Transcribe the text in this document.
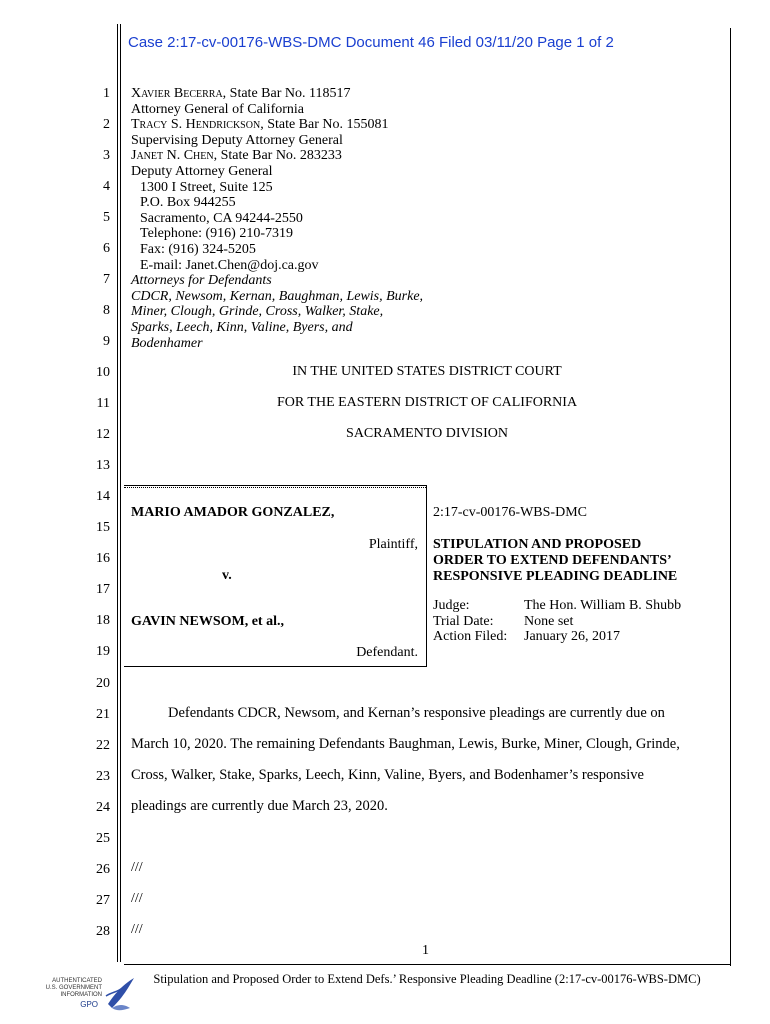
Case 2:17-cv-00176-WBS-DMC Document 46 Filed 03/11/20 Page 1 of 2
1
2
3
4
5
6
7
8
9
10
11
12
13
14
15
16
17
18
19
20
21
22
23
24
25
26
27
28
Xavier Becerra, State Bar No. 118517
Attorney General of California
Tracy S. Hendrickson, State Bar No. 155081
Supervising Deputy Attorney General
Janet N. Chen, State Bar No. 283233
Deputy Attorney General
1300 I Street, Suite 125
P.O. Box 944255
Sacramento, CA 94244-2550
Telephone: (916) 210-7319
Fax: (916) 324-5205
E-mail: Janet.Chen@doj.ca.gov
Attorneys for Defendants
CDCR, Newsom, Kernan, Baughman, Lewis, Burke,
Miner, Clough, Grinde, Cross, Walker, Stake,
Sparks, Leech, Kinn, Valine, Byers, and
Bodenhamer
IN THE UNITED STATES DISTRICT COURT
FOR THE EASTERN DISTRICT OF CALIFORNIA
SACRAMENTO DIVISION
MARIO AMADOR GONZALEZ,
Plaintiff,
v.
GAVIN NEWSOM, et al.,
Defendant.
2:17-cv-00176-WBS-DMC
STIPULATION AND PROPOSED
ORDER TO EXTEND DEFENDANTS’
RESPONSIVE PLEADING DEADLINE
Judge:	The Hon. William B. Shubb
Trial Date: None set
Action Filed: January 26, 2017
Defendants CDCR, Newsom, and Kernan’s responsive pleadings are currently due on
March 10, 2020. The remaining Defendants Baughman, Lewis, Burke, Miner, Clough, Grinde,
Cross, Walker, Stake, Sparks, Leech, Kinn, Valine, Byers, and Bodenhamer’s responsive
pleadings are currently due March 23, 2020.
///
///
///
1
Stipulation and Proposed Order to Extend Defs.’ Responsive Pleading Deadline (2:17-cv-00176-WBS-DMC)
AUTHENTICATED
U.S. GOVERNMENT
INFORMATION
GPO
